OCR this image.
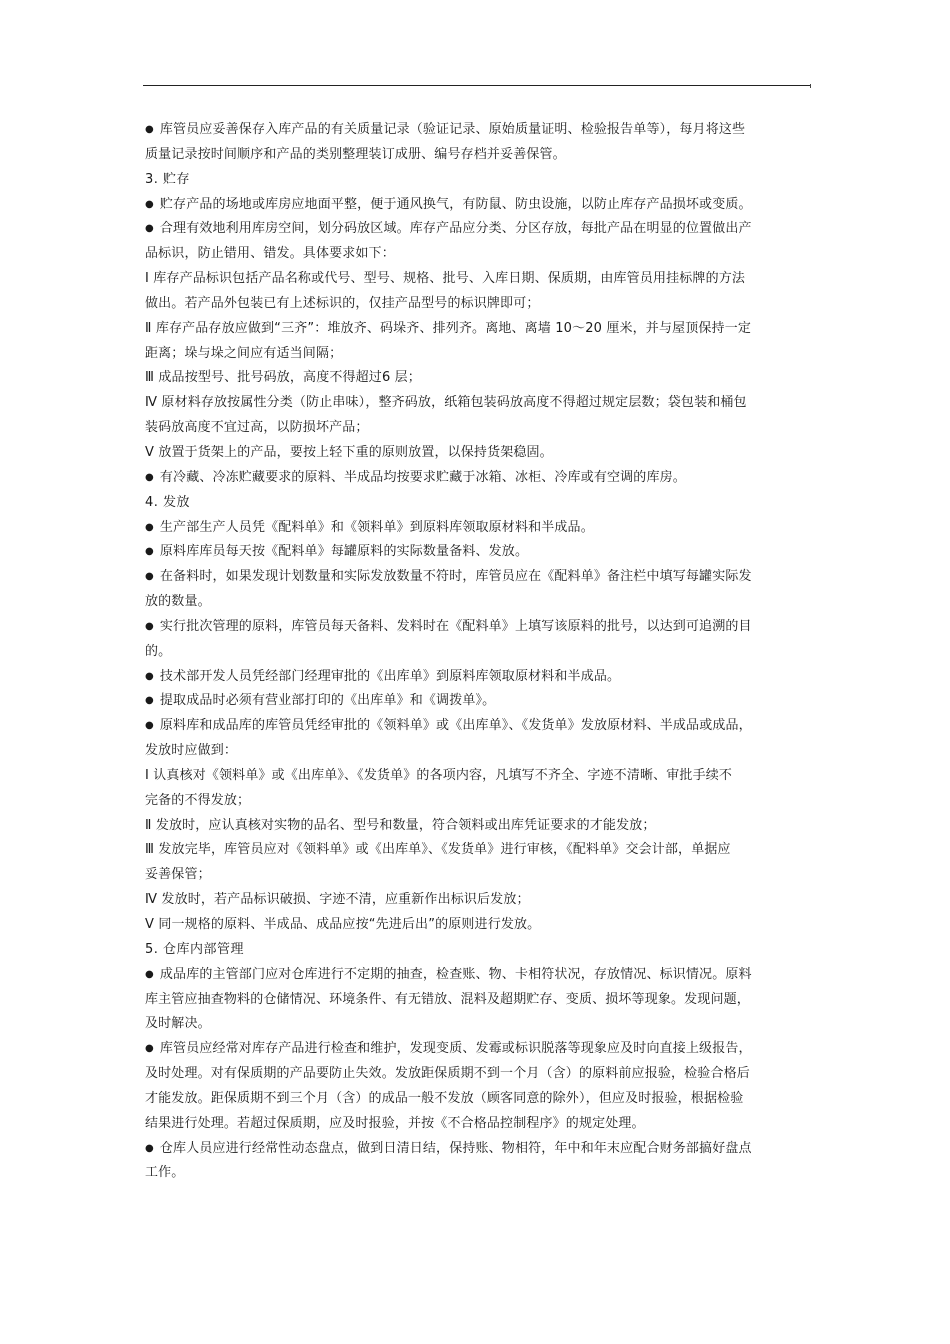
● 库管员应妥善保存入库产品的有关质量记录（验证记录、原始质量证明、检验报告单等），每月将这些
质量记录按时间顺序和产品的类别整理装订成册、编号存档并妥善保管。
3. 贮存
● 贮存产品的场地或库房应地面平整，便于通风换气，有防鼠、防虫设施，以防止库存产品损坏或变质。
● 合理有效地利用库房空间，划分码放区域。库存产品应分类、分区存放，每批产品在明显的位置做出产
品标识，防止错用、错发。具体要求如下：
Ⅰ 库存产品标识包括产品名称或代号、型号、规格、批号、入库日期、保质期，由库管员用挂标牌的方法
做出。若产品外包装已有上述标识的，仅挂产品型号的标识牌即可；
Ⅱ 库存产品存放应做到“三齐”：堆放齐、码垛齐、排列齐。离地、离墙 10～20 厘米，并与屋顶保持一定
距离；垛与垛之间应有适当间隔；
Ⅲ 成品按型号、批号码放，高度不得超过6 层；
Ⅳ 原材料存放按属性分类（防止串味），整齐码放，纸箱包装码放高度不得超过规定层数；袋包装和桶包
装码放高度不宜过高，以防损坏产品；
Ⅴ 放置于货架上的产品，要按上轻下重的原则放置，以保持货架稳固。
● 有冷藏、冷冻贮藏要求的原料、半成品均按要求贮藏于冰箱、冰柜、冷库或有空调的库房。
4. 发放
● 生产部生产人员凭《配料单》和《领料单》到原料库领取原材料和半成品。
● 原料库库员每天按《配料单》每罐原料的实际数量备料、发放。
● 在备料时，如果发现计划数量和实际发放数量不符时，库管员应在《配料单》备注栏中填写每罐实际发
放的数量。
● 实行批次管理的原料，库管员每天备料、发料时在《配料单》上填写该原料的批号，以达到可追溯的目
的。
● 技术部开发人员凭经部门经理审批的《出库单》到原料库领取原材料和半成品。
● 提取成品时必须有营业部打印的《出库单》和《调拨单》。
● 原料库和成品库的库管员凭经审批的《领料单》或《出库单》、《发货单》发放原材料、半成品或成品，
发放时应做到：
Ⅰ 认真核对《领料单》或《出库单》、《发货单》的各项内容，凡填写不齐全、字迹不清晰、审批手续不
完备的不得发放；
Ⅱ 发放时，应认真核对实物的品名、型号和数量，符合领料或出库凭证要求的才能发放；
Ⅲ 发放完毕，库管员应对《领料单》或《出库单》、《发货单》进行审核，《配料单》交会计部，单据应
妥善保管；
Ⅳ 发放时，若产品标识破损、字迹不清，应重新作出标识后发放；
Ⅴ 同一规格的原料、半成品、成品应按“先进后出”的原则进行发放。
5. 仓库内部管理
● 成品库的主管部门应对仓库进行不定期的抽查，检查账、物、卡相符状况，存放情况、标识情况。原料
库主管应抽查物料的仓储情况、环境条件、有无错放、混料及超期贮存、变质、损坏等现象。发现问题，
及时解决。
● 库管员应经常对库存产品进行检查和维护，发现变质、发霉或标识脱落等现象应及时向直接上级报告，
及时处理。对有保质期的产品要防止失效。发放距保质期不到一个月（含）的原料前应报验，检验合格后
才能发放。距保质期不到三个月（含）的成品一般不发放（顾客同意的除外），但应及时报验，根据检验
结果进行处理。若超过保质期，应及时报验，并按《不合格品控制程序》的规定处理。
● 仓库人员应进行经常性动态盘点，做到日清日结，保持账、物相符，年中和年末应配合财务部搞好盘点
工作。
